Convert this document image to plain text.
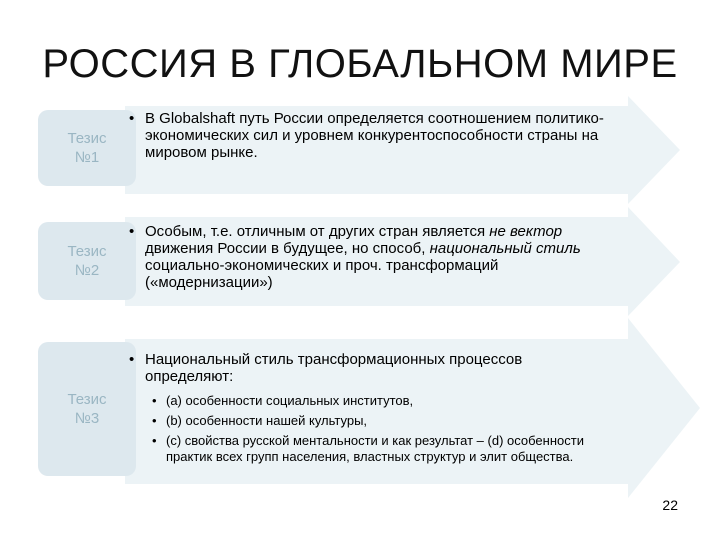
РОССИЯ В ГЛОБАЛЬНОМ МИРЕ
Тезис
№1
Тезис
№2
Тезис
№3
• В Globalshaft путь России определяется соотношением политико-экономических сил и уровнем конкурентоспособности страны на мировом рынке.
• Особым, т.е. отличным от других стран является не вектор движения России в будущее, но способ, национальный стиль социально-экономических и проч. трансформаций («модернизации»)
• Национальный стиль трансформационных процессов определяют:
• (а) особенности социальных институтов,
• (b) особенности нашей культуры,
• (c) свойства русской ментальности и как результат – (d) особенности практик всех групп населения, властных структур и элит общества.
22
